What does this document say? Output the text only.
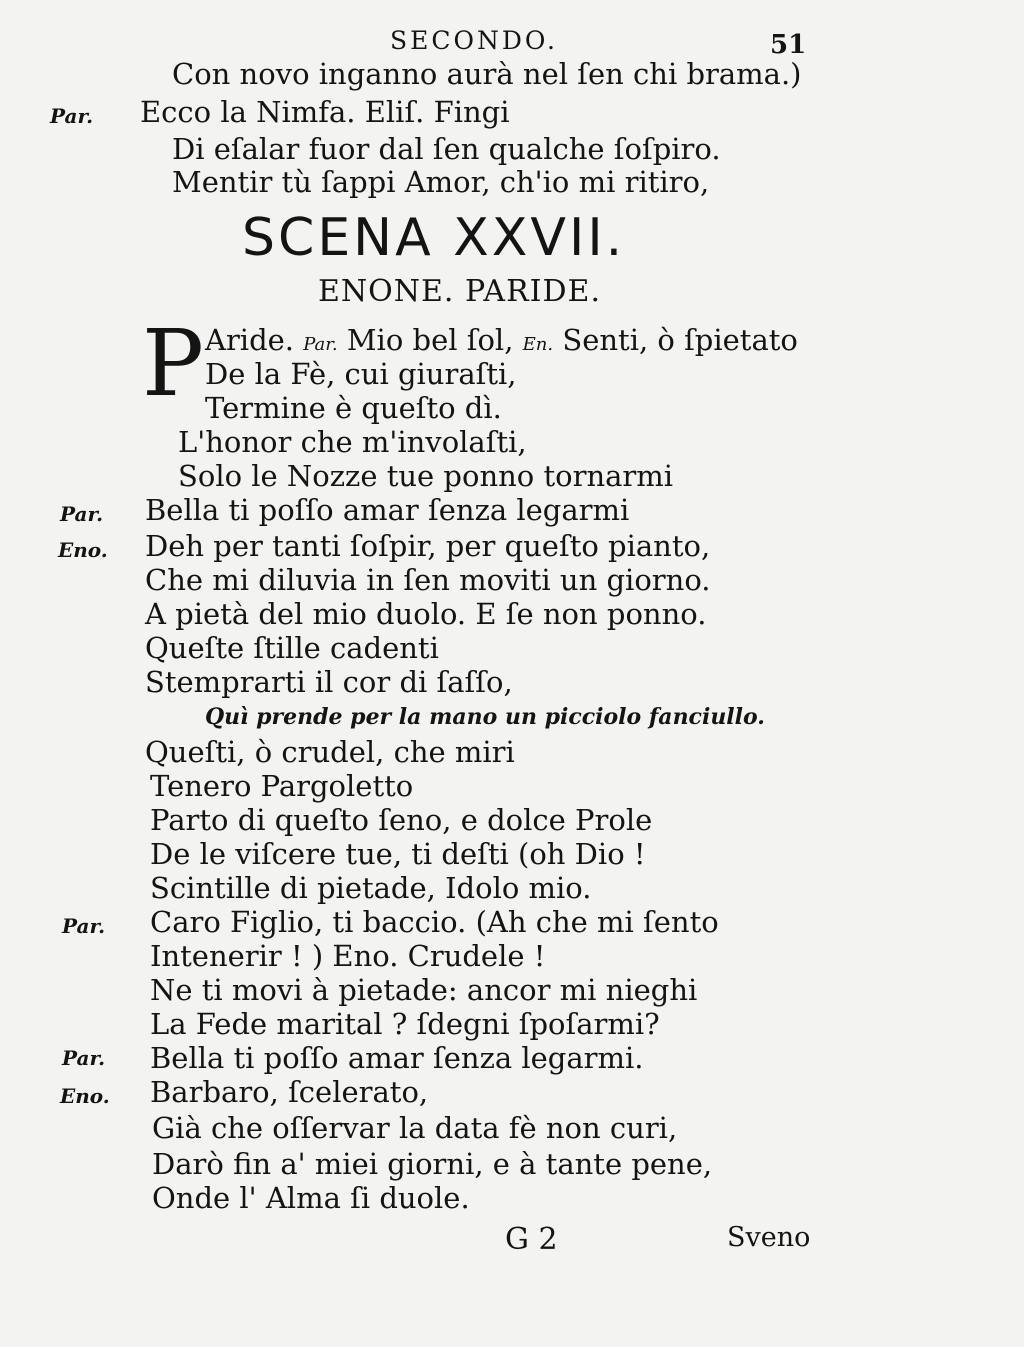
SECONDO.	51
Con novo inganno aurà nel ſen chi brama.)
Par. Ecco la Nimfa. Eliſ. Fingi
Di eſalar fuor dal ſen qualche ſoſpiro.
Mentir tù ſappi Amor, ch'io mi ritiro,
SCENA XXVII.
ENONE. PARIDE.
P Aride. Par. Mio bel ſol, En. Senti, ò ſpietato
De la Fè, cui giuraſti,
Termine è queſto dì.
L'honor che m'involaſti,
Solo le Nozze tue ponno tornarmi
Par. Bella ti poſſo amar ſenza legarmi
Eno. Deh per tanti ſoſpir, per queſto pianto,
Che mi diluvia in ſen moviti un giorno.
A pietà del mio duolo. E ſe non ponno.
Queſte ſtille cadenti
Stemprarti il cor di ſaſſo,
Quì prende per la mano un picciolo fanciullo.
Queſti, ò crudel, che miri
Tenero Pargoletto
Parto di queſto ſeno, e dolce Prole
De le viſcere tue, ti deſti (oh Dio !
Scintille di pietade, Idolo mio.
Par. Caro Figlio, ti baccio. (Ah che mi ſento
Intenerir ! ) Eno. Crudele !
Ne ti movi à pietade: ancor mi nieghi
La Fede marital ? ſdegni ſpoſarmi?
Par. Bella ti poſſo amar ſenza legarmi.
Eno. Barbaro, ſcelerato,
Già che oſſervar la data fè non curi,
Darò fin a' miei giorni, e à tante pene,
Onde l' Alma ſi duole.
G 2	Sveno
